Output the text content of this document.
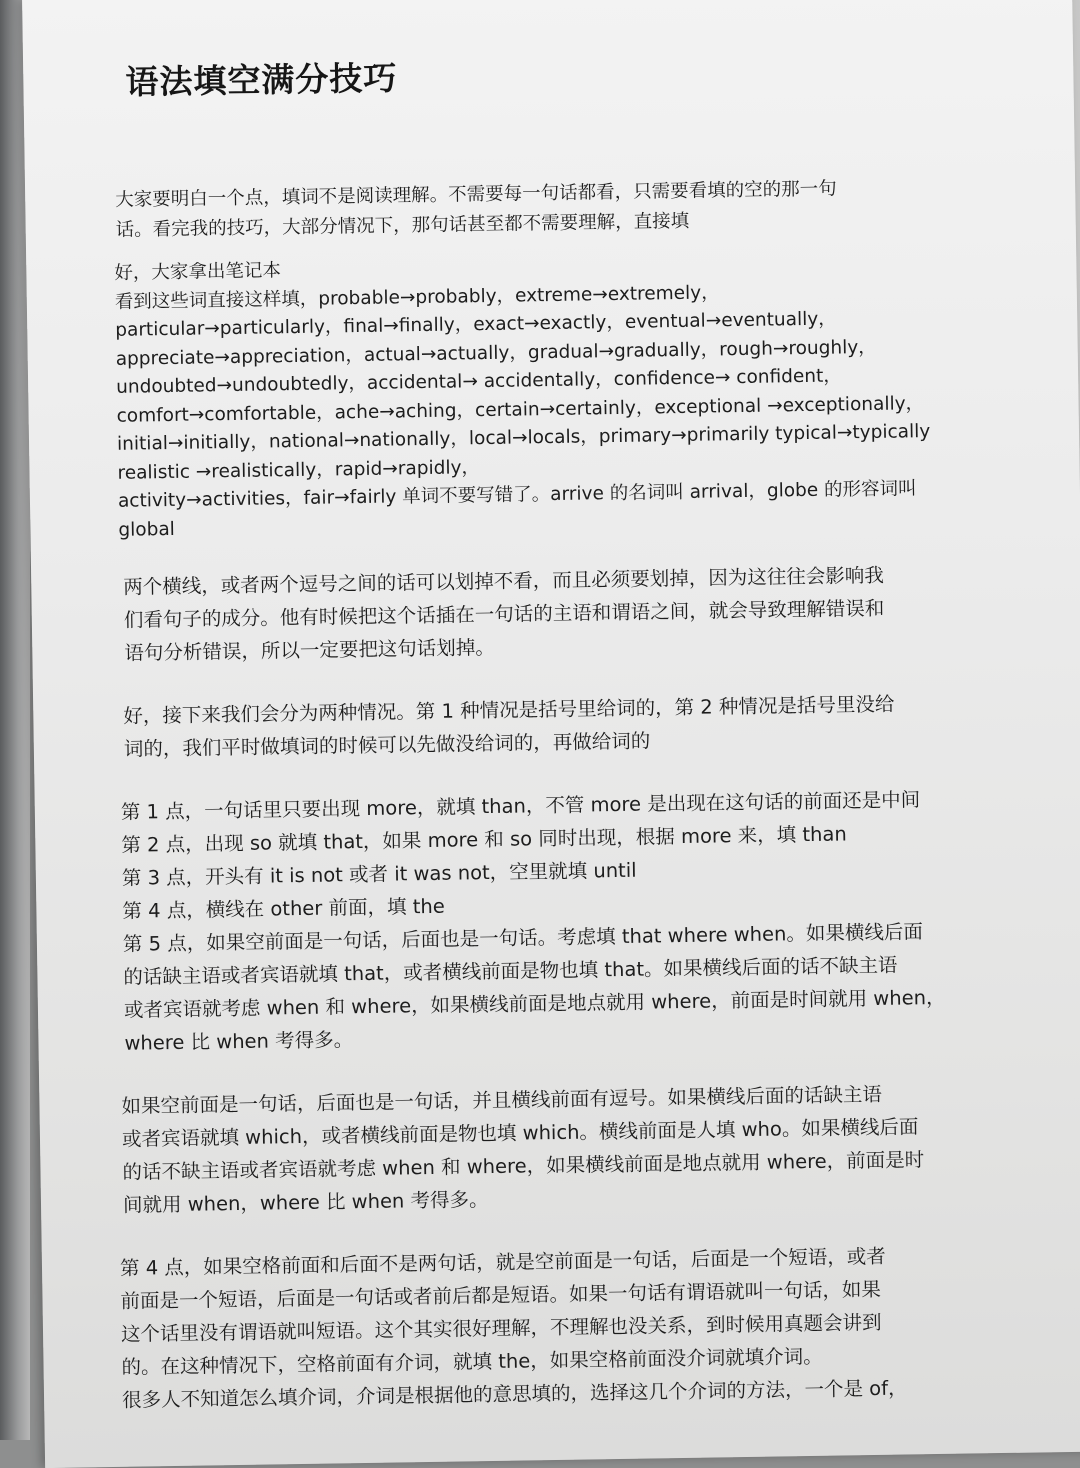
语法填空满分技巧
大家要明白一个点，填词不是阅读理解。不需要每一句话都看，只需要看填的空的那一句
话。看完我的技巧，大部分情况下，那句话甚至都不需要理解，直接填
好，大家拿出笔记本
看到这些词直接这样填，probable→probably，extreme→extremely，
particular→particularly，final→finally，exact→exactly，eventual→eventually，
appreciate→appreciation，actual→actually，gradual→gradually，rough→roughly，
undoubted→undoubtedly，accidental→ accidentally，confidence→ confident，
comfort→comfortable，ache→aching，certain→certainly，exceptional →exceptionally，
initial→initially，national→nationally，local→locals，primary→primarily typical→typically
realistic →realistically，rapid→rapidly，
activity→activities，fair→fairly 单词不要写错了。arrive 的名词叫 arrival，globe 的形容词叫
global
两个横线，或者两个逗号之间的话可以划掉不看，而且必须要划掉，因为这往往会影响我
们看句子的成分。他有时候把这个话插在一句话的主语和谓语之间，就会导致理解错误和
语句分析错误，所以一定要把这句话划掉。
好，接下来我们会分为两种情况。第 1 种情况是括号里给词的，第 2 种情况是括号里没给
词的，我们平时做填词的时候可以先做没给词的，再做给词的
第 1 点，一句话里只要出现 more，就填 than，不管 more 是出现在这句话的前面还是中间
第 2 点，出现 so 就填 that，如果 more 和 so 同时出现，根据 more 来，填 than
第 3 点，开头有 it is not 或者 it was not，空里就填 until
第 4 点，横线在 other 前面，填 the
第 5 点，如果空前面是一句话，后面也是一句话。考虑填 that where when。如果横线后面
的话缺主语或者宾语就填 that，或者横线前面是物也填 that。如果横线后面的话不缺主语
或者宾语就考虑 when 和 where，如果横线前面是地点就用 where，前面是时间就用 when，
where 比 when 考得多。
如果空前面是一句话，后面也是一句话，并且横线前面有逗号。如果横线后面的话缺主语
或者宾语就填 which，或者横线前面是物也填 which。横线前面是人填 who。如果横线后面
的话不缺主语或者宾语就考虑 when 和 where，如果横线前面是地点就用 where，前面是时
间就用 when，where 比 when 考得多。
第 4 点，如果空格前面和后面不是两句话，就是空前面是一句话，后面是一个短语，或者
前面是一个短语，后面是一句话或者前后都是短语。如果一句话有谓语就叫一句话，如果
这个话里没有谓语就叫短语。这个其实很好理解，不理解也没关系，到时候用真题会讲到
的。在这种情况下，空格前面有介词，就填 the，如果空格前面没介词就填介词。
很多人不知道怎么填介词，介词是根据他的意思填的，选择这几个介词的方法，一个是 of，
